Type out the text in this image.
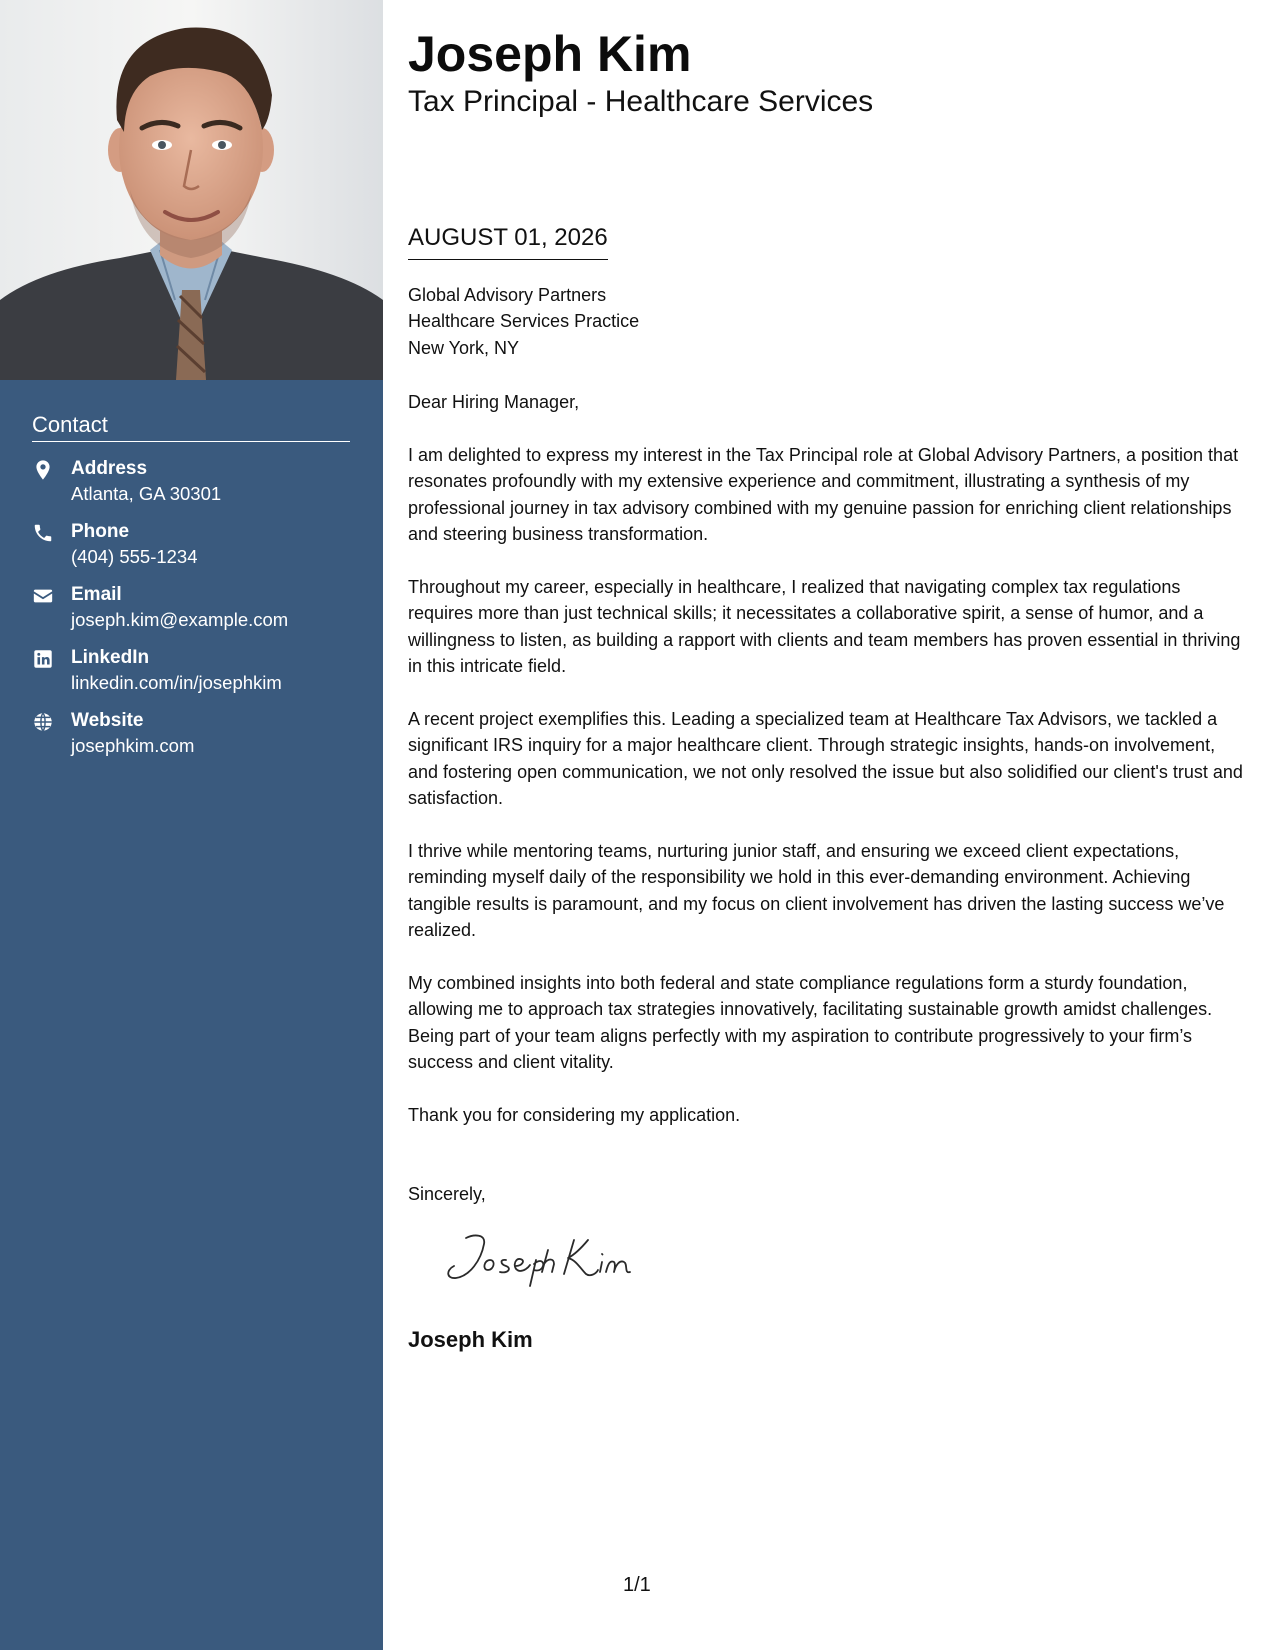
Contact
Address
Atlanta, GA 30301
Phone
(404) 555-1234
Email
joseph.kim@example.com
LinkedIn
linkedin.com/in/josephkim
Website
josephkim.com
Joseph Kim
Tax Principal - Healthcare Services
AUGUST 01, 2026
Global Advisory Partners
Healthcare Services Practice
New York, NY

Dear Hiring Manager,

I am delighted to express my interest in the Tax Principal role at Global Advisory Partners, a position that resonates profoundly with my extensive experience and commitment, illustrating a synthesis of my professional journey in tax advisory combined with my genuine passion for enriching client relationships and steering business transformation.

Throughout my career, especially in healthcare, I realized that navigating complex tax regulations requires more than just technical skills; it necessitates a collaborative spirit, a sense of humor, and a willingness to listen, as building a rapport with clients and team members has proven essential in thriving in this intricate field.

A recent project exemplifies this. Leading a specialized team at Healthcare Tax Advisors, we tackled a significant IRS inquiry for a major healthcare client. Through strategic insights, hands-on involvement, and fostering open communication, we not only resolved the issue but also solidified our client's trust and satisfaction.

I thrive while mentoring teams, nurturing junior staff, and ensuring we exceed client expectations, reminding myself daily of the responsibility we hold in this ever-demanding environment. Achieving tangible results is paramount, and my focus on client involvement has driven the lasting success we’ve realized.

My combined insights into both federal and state compliance regulations form a sturdy foundation, allowing me to approach tax strategies innovatively, facilitating sustainable growth amidst challenges. Being part of your team aligns perfectly with my aspiration to contribute progressively to your firm’s success and client vitality.

Thank you for considering my application.

Sincerely,

Joseph Kim
1/1
